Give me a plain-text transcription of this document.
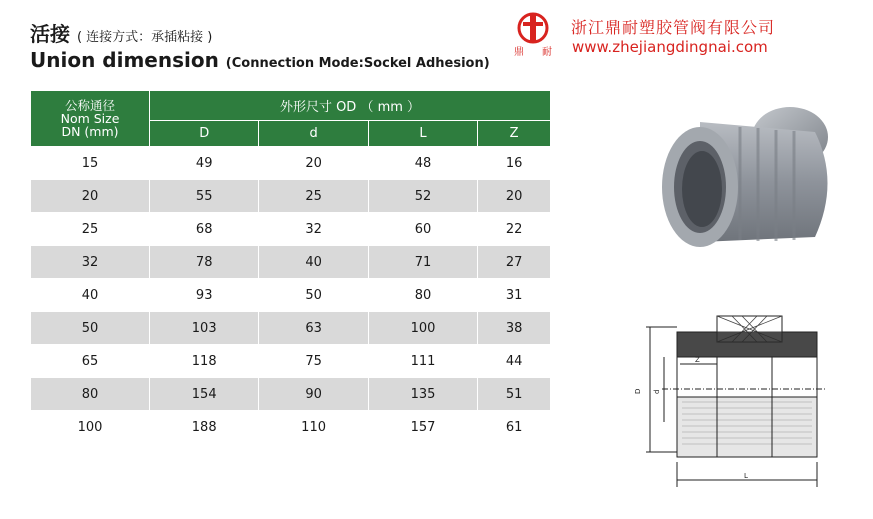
活接 ( 连接方式：承插粘接 )
Union dimension (Connection Mode:Sockel Adhesion)
鼎 耐
浙江鼎耐塑胶管阀有限公司
www.zhejiangdingnai.com
公称通径
Nom Size
DN (mm)	外形尺寸 OD （ mm ）			
	D	d	L	Z
15	49	20	48	16
20	55	25	52	20
25	68	32	60	22
32	78	40	71	27
40	93	50	80	31
50	103	63	100	38
65	118	75	111	44
80	154	90	135	51
100	188	110	157	61
D d
Z
L
